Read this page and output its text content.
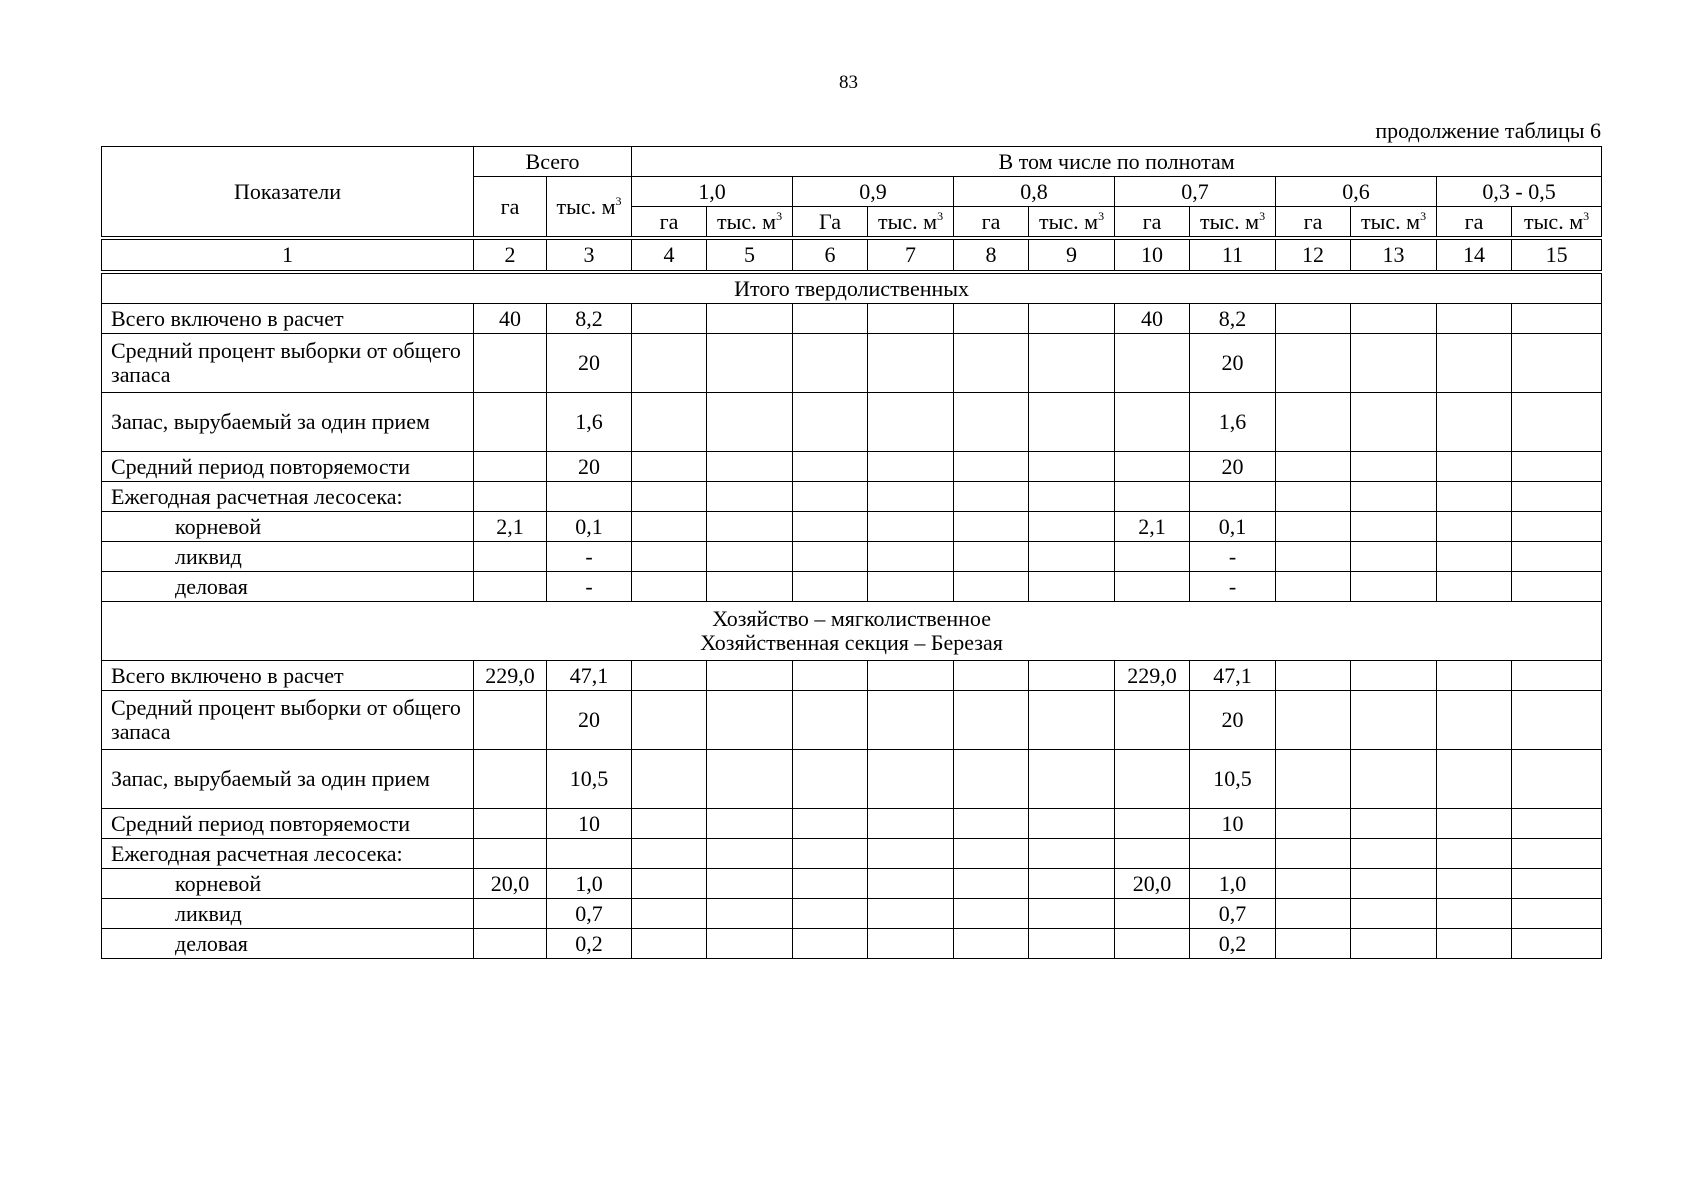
83
продолжение таблицы 6
Показатели	Всего		В том числе по полнотам											
	га	тыс. $м^3$	1,0		0,9		0,8		0,7		0,6		0,3 - 0,5	
			га	тыс. $м^3$	Га	тыс. $м^3$	га	тыс. $м^3$	га	тыс. $м^3$	га	тыс. $м^3$	га	тыс. $м^3$
1	2	3	4	5	6	7	8	9	10	11	12	13	14	15

Итого твердолиственных														

Всего включено в расчет	40	8,2							40	8,2				
Средний процент выборки от общего запаса		20								20				
Запас, вырубаемый за один прием		1,6								1,6				
Средний период повторяемости		20								20				
Ежегодная расчетная лесосека:														
корневой	2,1	0,1							2,1	0,1				
ликвид		-								-				
деловая		-								-				

Хозяйство – мягколиственное
Хозяйственная секция – Березая														

Всего включено в расчет	229,0	47,1							229,0	47,1				
Средний процент выборки от общего запаса		20								20				
Запас, вырубаемый за один прием		10,5								10,5				
Средний период повторяемости		10								10				
Ежегодная расчетная лесосека:														
корневой	20,0	1,0							20,0	1,0				
ликвид		0,7								0,7				
деловая		0,2								0,2				
